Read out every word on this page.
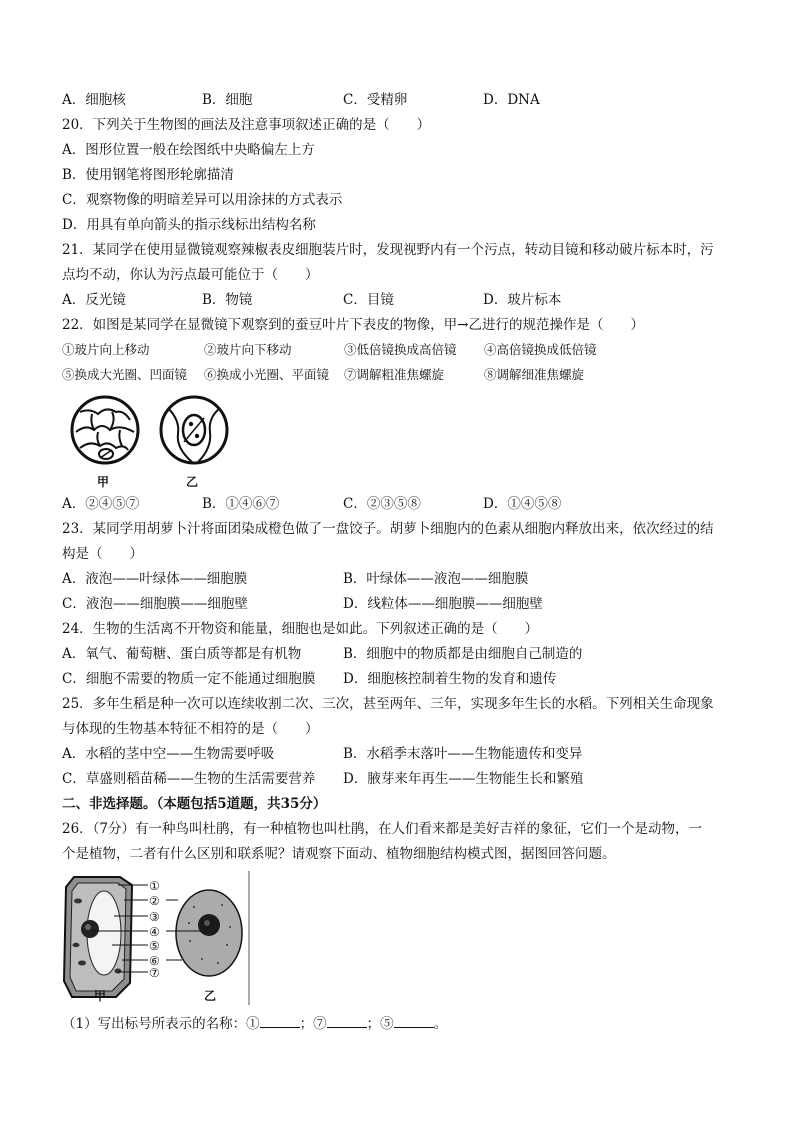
A．细胞核	B．细胞	C．受精卵	D．DNA
20．下列关于生物图的画法及注意事项叙述正确的是（　　）
A．图形位置一般在绘图纸中央略偏左上方
B．使用钢笔将图形轮廓描清
C．观察物像的明暗差异可以用涂抹的方式表示
D．用具有单向箭头的指示线标出结构名称
21．某同学在使用显微镜观察辣椒表皮细胞装片时，发现视野内有一个污点，转动目镜和移动破片标本时，污
点均不动，你认为污点最可能位于（　　）
A．反光镜	B．物镜	C．目镜	D．玻片标本
22．如图是某同学在显微镜下观察到的蚕豆叶片下表皮的物像，甲→乙进行的规范操作是（　　）
①玻片向上移动	②玻片向下移动	③低倍镜换成高倍镜 ④高倍镜换成低倍镜
⑤换成大光圈、凹面镜 ⑥换成小光圈、平面镜 ⑦调解粗准焦螺旋	⑧调解细准焦螺旋
甲	乙
A．②④⑤⑦	B．①④⑥⑦	C．②③⑤⑧	D．①④⑤⑧
23．某同学用胡萝卜汁将面团染成橙色做了一盘饺子。胡萝卜细胞内的色素从细胞内释放出来，依次经过的结
构是（　　）
A．液泡——叶绿体——细胞膜	B．叶绿体——液泡——细胞膜
C．液泡——细胞膜——细胞壁	D．线粒体——细胞膜——细胞壁
24．生物的生活离不开物资和能量，细胞也是如此。下列叙述正确的是（　　）
A．氧气、葡萄糖、蛋白质等都是有机物	B．细胞中的物质都是由细胞自己制造的
C．细胞不需要的物质一定不能通过细胞膜 D．细胞核控制着生物的发育和遗传
25．多年生稻是种一次可以连续收割二次、三次，甚至两年、三年，实现多年生长的水稻。下列相关生命现象
与体现的生物基本特征不相符的是（　　）
A．水稻的茎中空——生物需要呼吸	B．水稻季末落叶——生物能遗传和变异
C．草盛则稻苗稀——生物的生活需要营养 D．腋芽来年再生——生物能生长和繁殖
二、非选择题。（本题包括5道题，共35分）
26．（7分）有一种鸟叫杜鹃，有一种植物也叫杜鹃，在人们看来都是美好吉祥的象征，它们一个是动物，一
个是植物，二者有什么区别和联系呢？请观察下面动、植物细胞结构模式图，据图回答问题。
①
②
③
④
⑤
⑥
⑦
甲	乙
（1）写出标号所表示的名称：①	；⑦	；⑤	。
